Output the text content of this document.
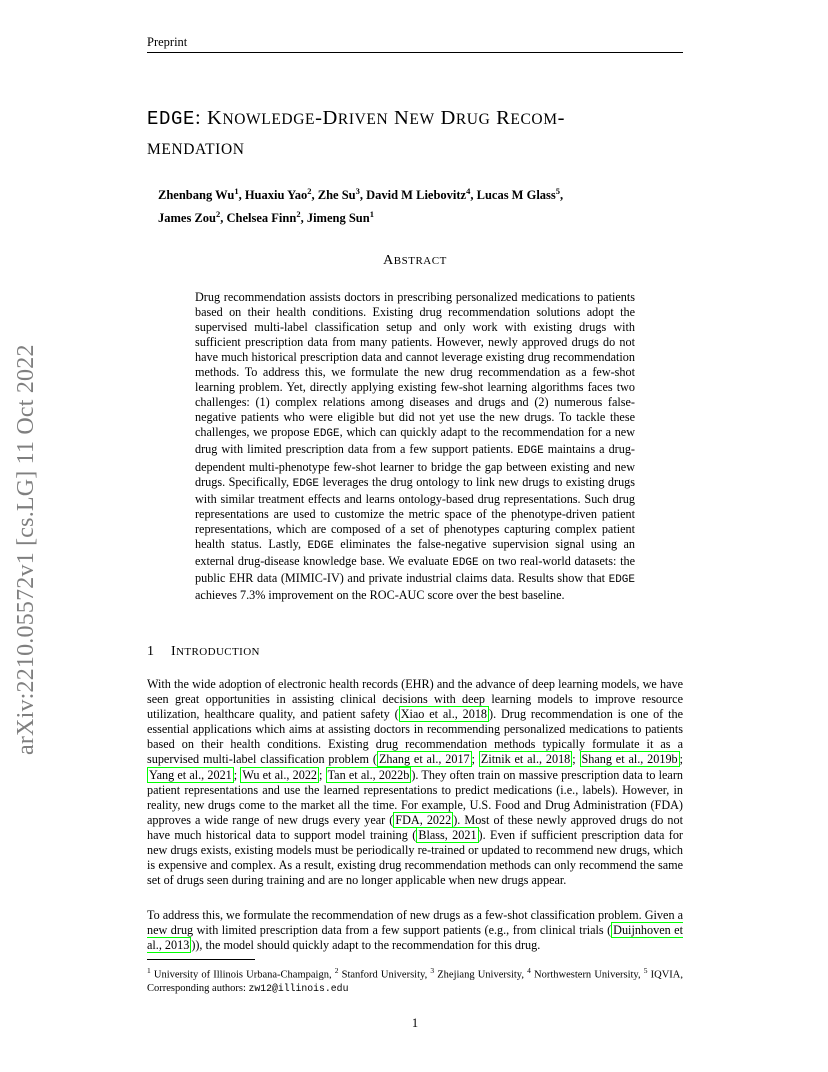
Preprint
arXiv:2210.05572v1 [cs.LG] 11 Oct 2022
EDGE: KNOWLEDGE-DRIVEN NEW DRUG RECOM-
MENDATION
Zhenbang Wu$^1$, Huaxiu Yao$^2$, Zhe Su$^3$, David M Liebovitz$^4$, Lucas M Glass$^5$,
James Zou$^2$, Chelsea Finn$^2$, Jimeng Sun$^1$
ABSTRACT
Drug recommendation assists doctors in prescribing personalized medications to patients based on their health conditions. Existing drug recommendation solutions adopt the supervised multi-label classification setup and only work with existing drugs with sufficient prescription data from many patients. However, newly approved drugs do not have much historical prescription data and cannot leverage existing drug recommendation methods. To address this, we formulate the new drug recommendation as a few-shot learning problem. Yet, directly applying existing few-shot learning algorithms faces two challenges: (1) complex relations among diseases and drugs and (2) numerous false-negative patients who were eligible but did not yet use the new drugs. To tackle these challenges, we propose EDGE, which can quickly adapt to the recommendation for a new drug with limited prescription data from a few support patients. EDGE maintains a drug-dependent multi-phenotype few-shot learner to bridge the gap between existing and new drugs. Specifically, EDGE leverages the drug ontology to link new drugs to existing drugs with similar treatment effects and learns ontology-based drug representations. Such drug representations are used to customize the metric space of the phenotype-driven patient representations, which are composed of a set of phenotypes capturing complex patient health status. Lastly, EDGE eliminates the false-negative supervision signal using an external drug-disease knowledge base. We evaluate EDGE on two real-world datasets: the public EHR data (MIMIC-IV) and private industrial claims data. Results show that EDGE achieves 7.3% improvement on the ROC-AUC score over the best baseline.
1 INTRODUCTION
With the wide adoption of electronic health records (EHR) and the advance of deep learning models, we have seen great opportunities in assisting clinical decisions with deep learning models to improve resource utilization, healthcare quality, and patient safety ( Xiao et al., 2018 ). Drug recommendation is one of the essential applications which aims at assisting doctors in recommending personalized medications to patients based on their health conditions. Existing drug recommendation methods typically formulate it as a supervised multi-label classification problem ( Zhang et al., 2017 ; Zitnik et al., 2018 ; Shang et al., 2019b ; Yang et al., 2021 ; Wu et al., 2022 ; Tan et al., 2022b ). They often train on massive prescription data to learn patient representations and use the learned representations to predict medications (i.e., labels). However, in reality, new drugs come to the market all the time. For example, U.S. Food and Drug Administration (FDA) approves a wide range of new drugs every year ( FDA, 2022 ). Most of these newly approved drugs do not have much historical data to support model training ( Blass, 2021 ). Even if sufficient prescription data for new drugs exists, existing models must be periodically re-trained or updated to recommend new drugs, which is expensive and complex. As a result, existing drug recommendation methods can only recommend the same set of drugs seen during training and are no longer applicable when new drugs appear.
To address this, we formulate the recommendation of new drugs as a few-shot classification problem. Given a new drug with limited prescription data from a few support patients (e.g., from clinical trials ( Duijnhoven et al., 2013 )), the model should quickly adapt to the recommendation for this drug.
$^1$ University of Illinois Urbana-Champaign, $^2$ Stanford University, $^3$ Zhejiang University, $^4$ Northwestern University, $^5$ IQVIA, Corresponding authors: zw12@illinois.edu
1
